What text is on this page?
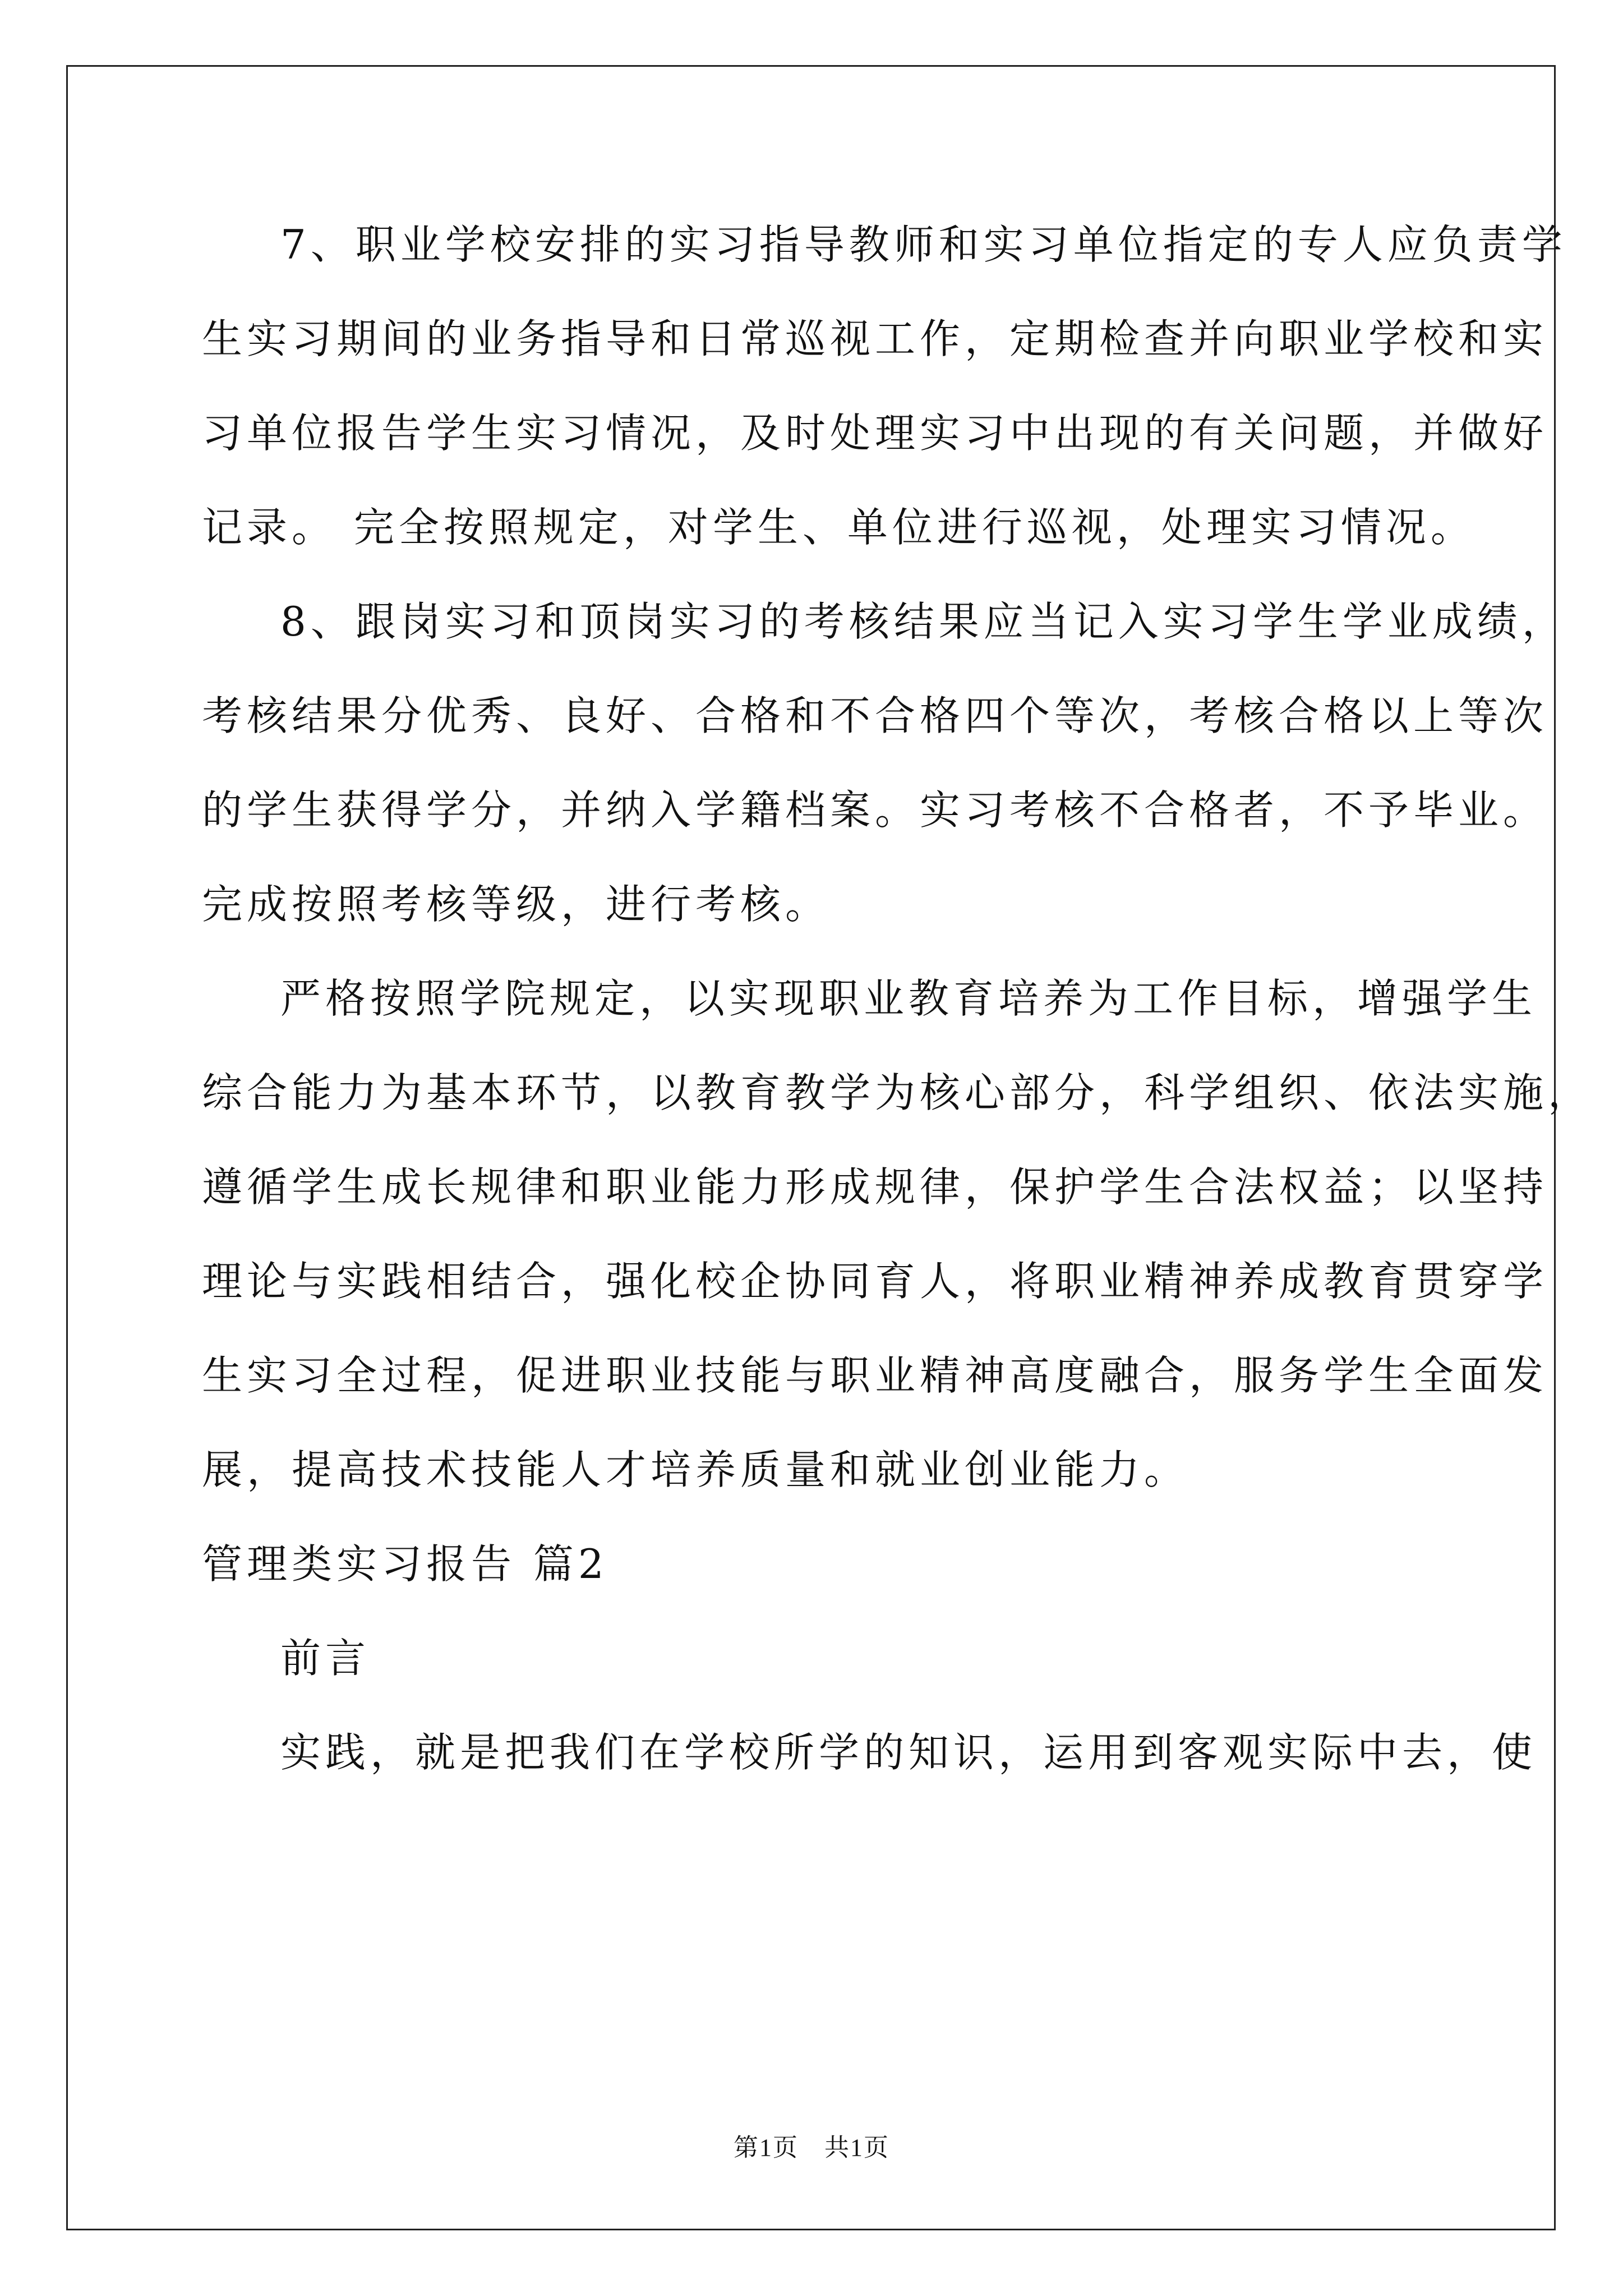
7、职业学校安排的实习指导教师和实习单位指定的专人应负责学
生实习期间的业务指导和日常巡视工作，定期检查并向职业学校和实
习单位报告学生实习情况，及时处理实习中出现的有关问题，并做好
记录。 完全按照规定，对学生、单位进行巡视，处理实习情况。
8、跟岗实习和顶岗实习的考核结果应当记入实习学生学业成绩，
考核结果分优秀、良好、合格和不合格四个等次，考核合格以上等次
的学生获得学分，并纳入学籍档案。实习考核不合格者，不予毕业。
完成按照考核等级，进行考核。
严格按照学院规定，以实现职业教育培养为工作目标，增强学生
综合能力为基本环节，以教育教学为核心部分，科学组织、依法实施，
遵循学生成长规律和职业能力形成规律，保护学生合法权益；以坚持
理论与实践相结合，强化校企协同育人，将职业精神养成教育贯穿学
生实习全过程，促进职业技能与职业精神高度融合，服务学生全面发
展，提高技术技能人才培养质量和就业创业能力。
管理类实习报告 篇2
前言
实践，就是把我们在学校所学的知识，运用到客观实际中去，使
第1页　共1页
